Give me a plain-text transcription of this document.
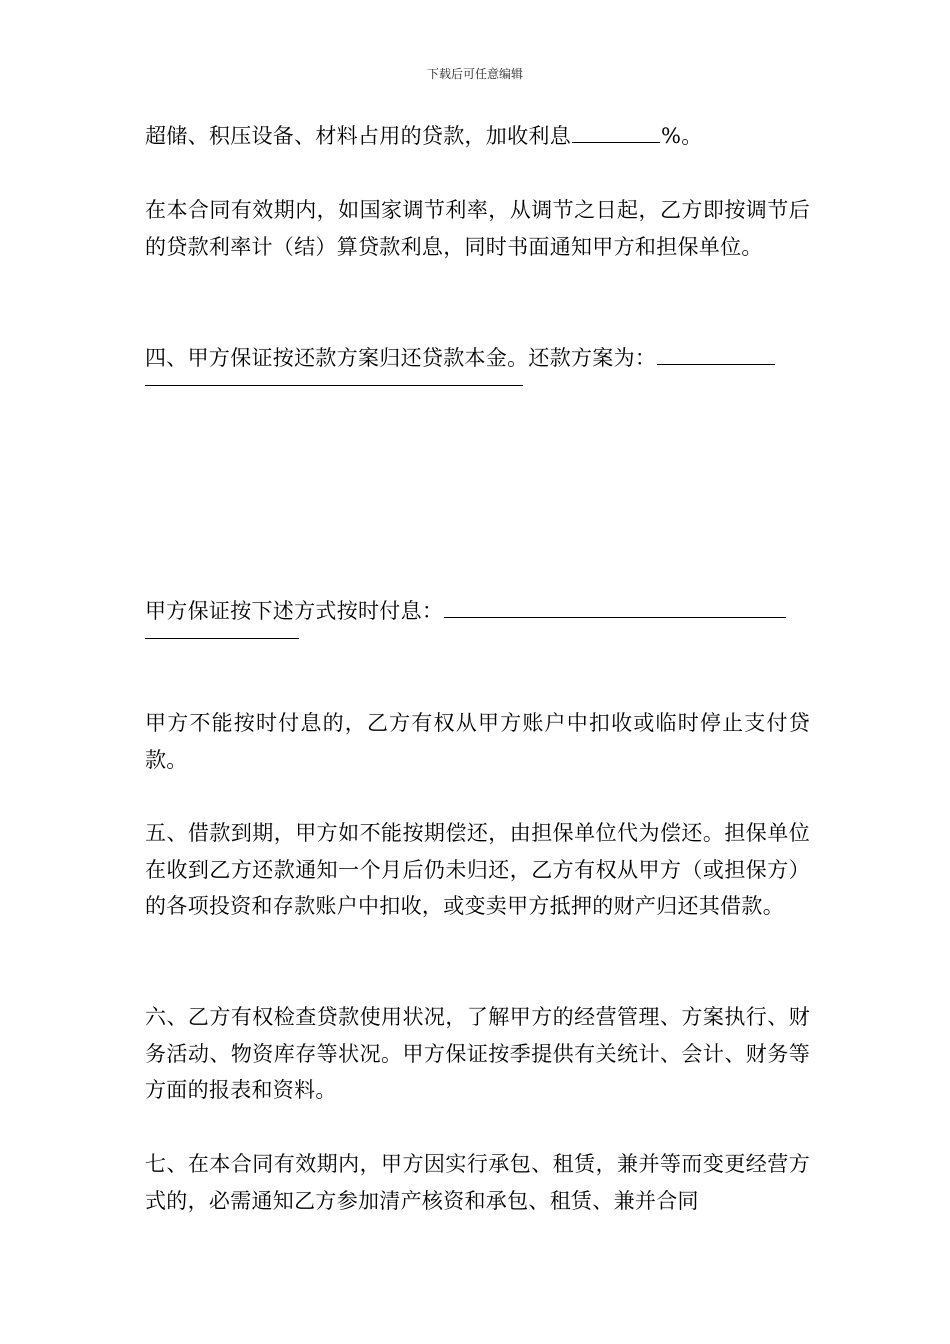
下载后可任意编辑

超储、积压设备、材料占用的贷款，加收利息	%。

在本合同有效期内，如国家调节利率，从调节之日起，乙方即按调节后的贷款利率计（结）算贷款利息，同时书面通知甲方和担保单位。

四、甲方保证按还款方案归还贷款本金。还款方案为：
甲方保证按下述方式按时付息：

甲方不能按时付息的，乙方有权从甲方账户中扣收或临时停止支付贷款。

五、借款到期，甲方如不能按期偿还，由担保单位代为偿还。担保单位在收到乙方还款通知一个月后仍未归还，乙方有权从甲方（或担保方）的各项投资和存款账户中扣收，或变卖甲方抵押的财产归还其借款。

六、乙方有权检查贷款使用状况，了解甲方的经营管理、方案执行、财务活动、物资库存等状况。甲方保证按季提供有关统计、会计、财务等方面的报表和资料。

七、在本合同有效期内，甲方因实行承包、租赁，兼并等而变更经营方式的，必需通知乙方参加清产核资和承包、租赁、兼并合同
